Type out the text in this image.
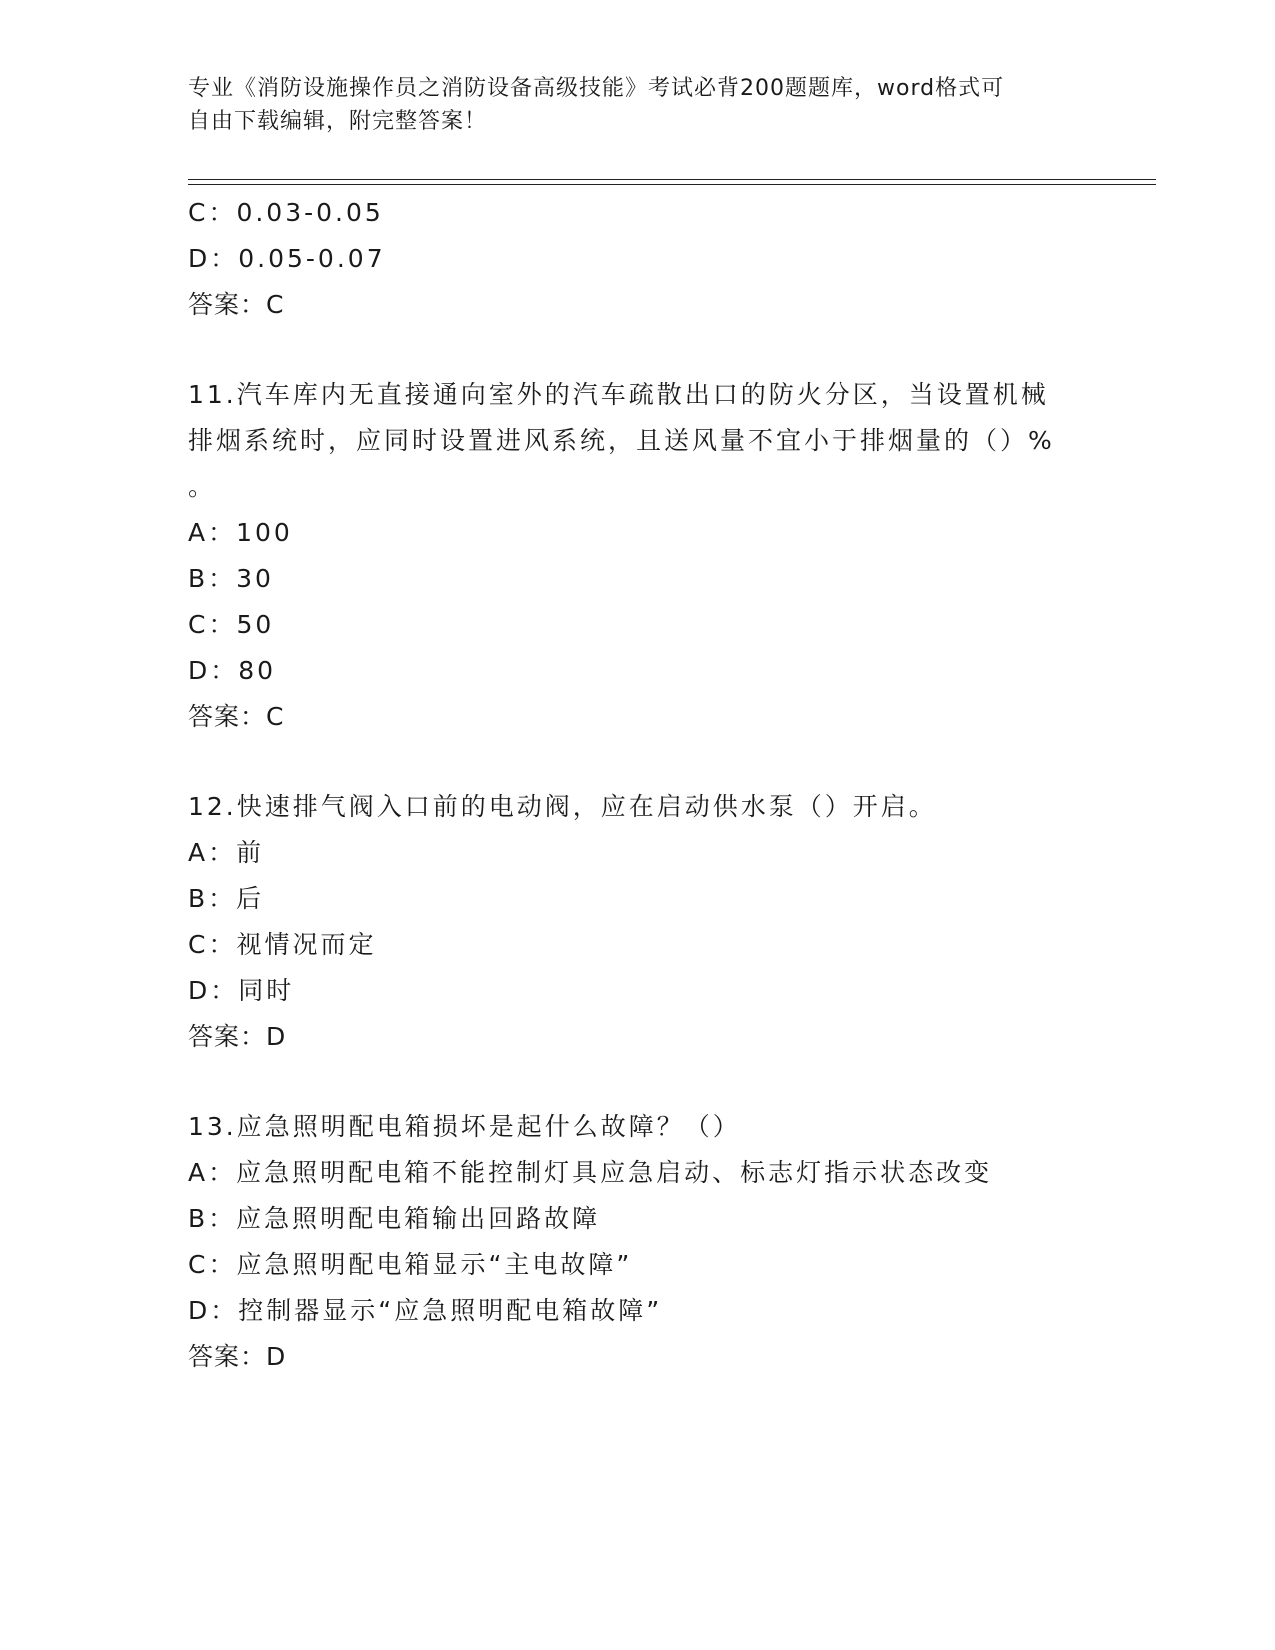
专业《消防设施操作员之消防设备高级技能》考试必背200题题库，word格式可
自由下载编辑，附完整答案！
C：0.03-0.05
D：0.05-0.07
答案：C
11.汽车库内无直接通向室外的汽车疏散出口的防火分区，当设置机械
排烟系统时，应同时设置进风系统，且送风量不宜小于排烟量的（）%
。
A：100
B：30
C：50
D：80
答案：C
12.快速排气阀入口前的电动阀，应在启动供水泵（）开启。
A：前
B：后
C：视情况而定
D：同时
答案：D
13.应急照明配电箱损坏是起什么故障？（）
A：应急照明配电箱不能控制灯具应急启动、标志灯指示状态改变
B：应急照明配电箱输出回路故障
C：应急照明配电箱显示“主电故障”
D：控制器显示“应急照明配电箱故障”
答案：D
